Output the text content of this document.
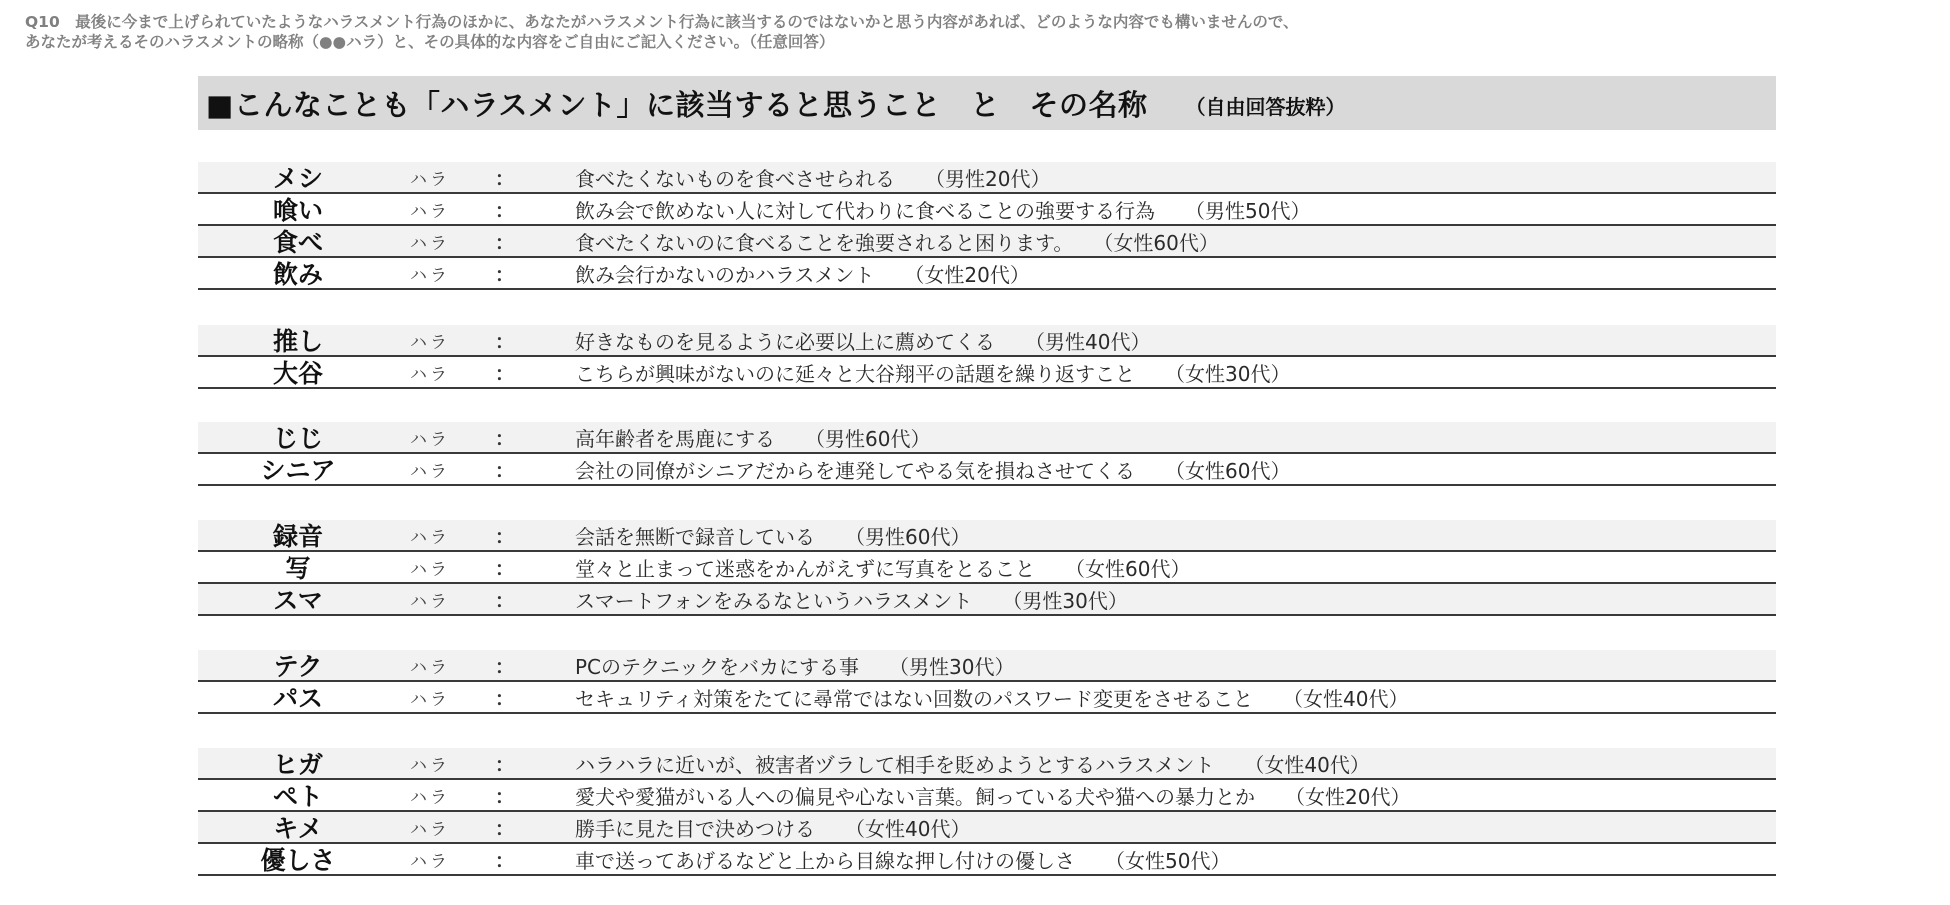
Q10　最後に今まで上げられていたようなハラスメント行為のほかに、あなたがハラスメント行為に該当するのではないかと思う内容があれば、どのような内容でも構いませんので、
あなたが考えるそのハラスメントの略称（●●ハラ）と、その具体的な内容をご自由にご記入ください。（任意回答）
■こんなことも「ハラスメント」に該当すると思うこと　と　その名称 （自由回答抜粋）
メシ	ハラ ：	食べたくないものを食べさせられる （男性20代）
喰い	ハラ ：	飲み会で飲めない人に対して代わりに食べることの強要する行為 （男性50代）
食べ	ハラ ：	食べたくないのに食べることを強要されると困ります。 （女性60代）
飲み	ハラ ：	飲み会行かないのかハラスメント （女性20代）
推し	ハラ ：	好きなものを見るように必要以上に薦めてくる （男性40代）
大谷	ハラ ：	こちらが興味がないのに延々と大谷翔平の話題を繰り返すこと （女性30代）
じじ	ハラ ：	高年齢者を馬鹿にする （男性60代）
シニア	ハラ ：	会社の同僚がシニアだからを連発してやる気を損ねさせてくる （女性60代）
録音	ハラ ：	会話を無断で録音している （男性60代）
写	ハラ ：	堂々と止まって迷惑をかんがえずに写真をとること （女性60代）
スマ	ハラ ：	スマートフォンをみるなというハラスメント （男性30代）
テク	ハラ ：	PCのテクニックをバカにする事 （男性30代）
パス	ハラ ：	セキュリティ対策をたてに尋常ではない回数のパスワード変更をさせること （女性40代）
ヒガ	ハラ ：	ハラハラに近いが、被害者ヅラして相手を貶めようとするハラスメント （女性40代）
ペト	ハラ ：	愛犬や愛猫がいる人への偏見や心ない言葉。飼っている犬や猫への暴力とか （女性20代）
キメ	ハラ ：	勝手に見た目で決めつける （女性40代）
優しさ	ハラ ：	車で送ってあげるなどと上から目線な押し付けの優しさ （女性50代）
